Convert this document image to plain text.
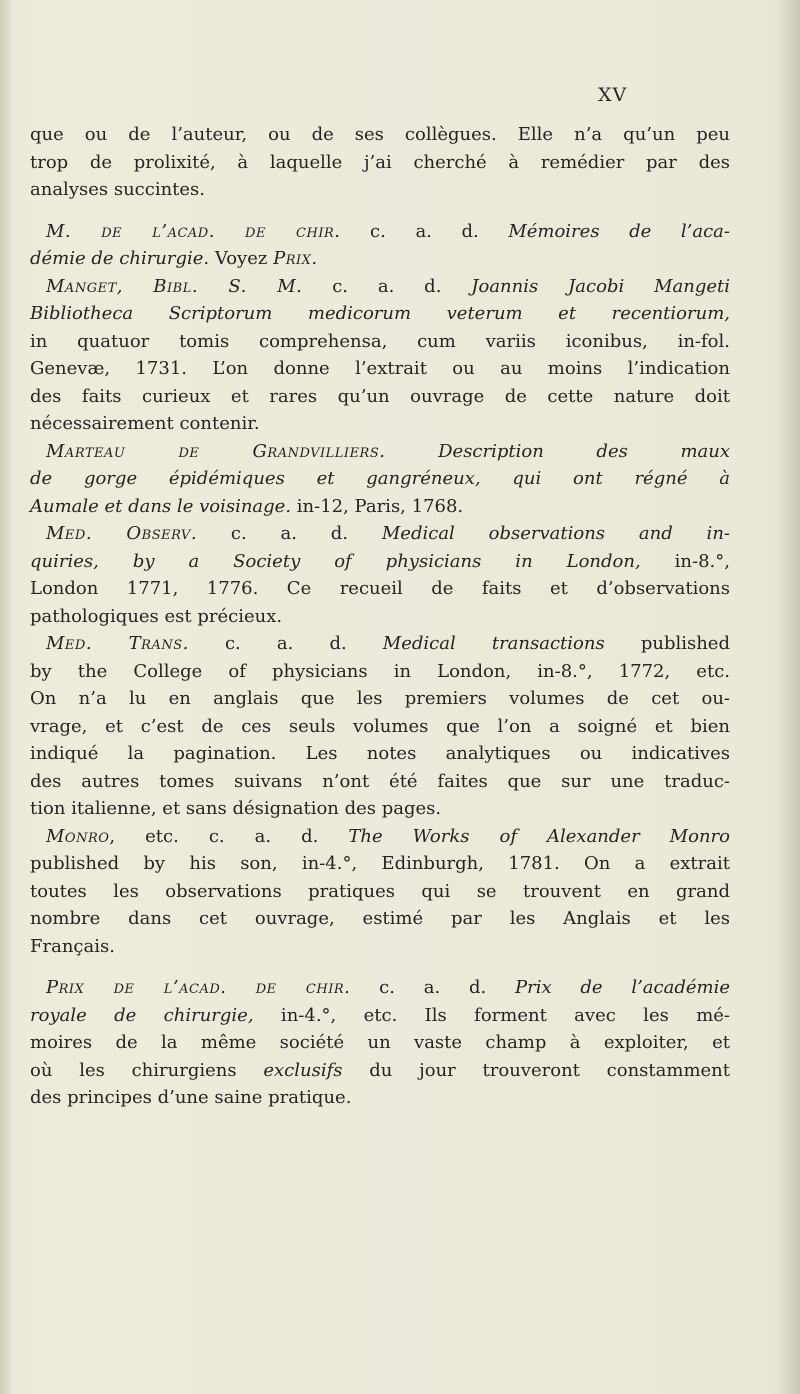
XV
que ou de l’auteur, ou de ses collègues. Elle n’a qu’un peu
trop de prolixité, à laquelle j’ai cherché à remédier par des
analyses succintes.
M. de l’acad. de chir. c. a. d. Mémoires de l’aca-
démie de chirurgie. Voyez Prix.
Manget, Bibl. S. M. c. a. d. Joannis Jacobi Mangeti
Bibliotheca Scriptorum medicorum veterum et recentiorum,
in quatuor tomis comprehensa, cum variis iconibus, in-fol.
Genevæ, 1731. L’on donne l’extrait ou au moins l’indication
des faits curieux et rares qu’un ouvrage de cette nature doit
nécessairement contenir.
Marteau de Grandvilliers.	Description des maux
de gorge épidémiques et gangréneux, qui ont régné à
Aumale et dans le voisinage. in-12, Paris, 1768.
Med. Observ. c. a. d. Medical observations and in-
quiries, by a Society of physicians in London, in-8.°,
London 1771, 1776. Ce recueil de faits et d’observations
pathologiques est précieux.
Med. Trans. c. a. d. Medical transactions published
by the College of physicians in London, in-8.°, 1772, etc.
On n’a lu en anglais que les premiers volumes de cet ou-
vrage, et c’est de ces seuls volumes que l’on a soigné et bien
indiqué la pagination. Les notes analytiques ou indicatives
des autres tomes suivans n’ont été faites que sur une traduc-
tion italienne, et sans désignation des pages.
Monro, etc. c. a. d. The Works of Alexander Monro
published by his son, in-4.°, Edinburgh, 1781. On a extrait
toutes les observations pratiques qui se trouvent en grand
nombre dans cet ouvrage, estimé par les Anglais et les
Français.
Prix de l’acad. de chir. c. a. d. Prix de l’académie
royale de chirurgie, in-4.°, etc. Ils forment avec les mé-
moires de la même société un vaste champ à exploiter, et
où les chirurgiens exclusifs du jour trouveront constamment
des principes d’une saine pratique.
